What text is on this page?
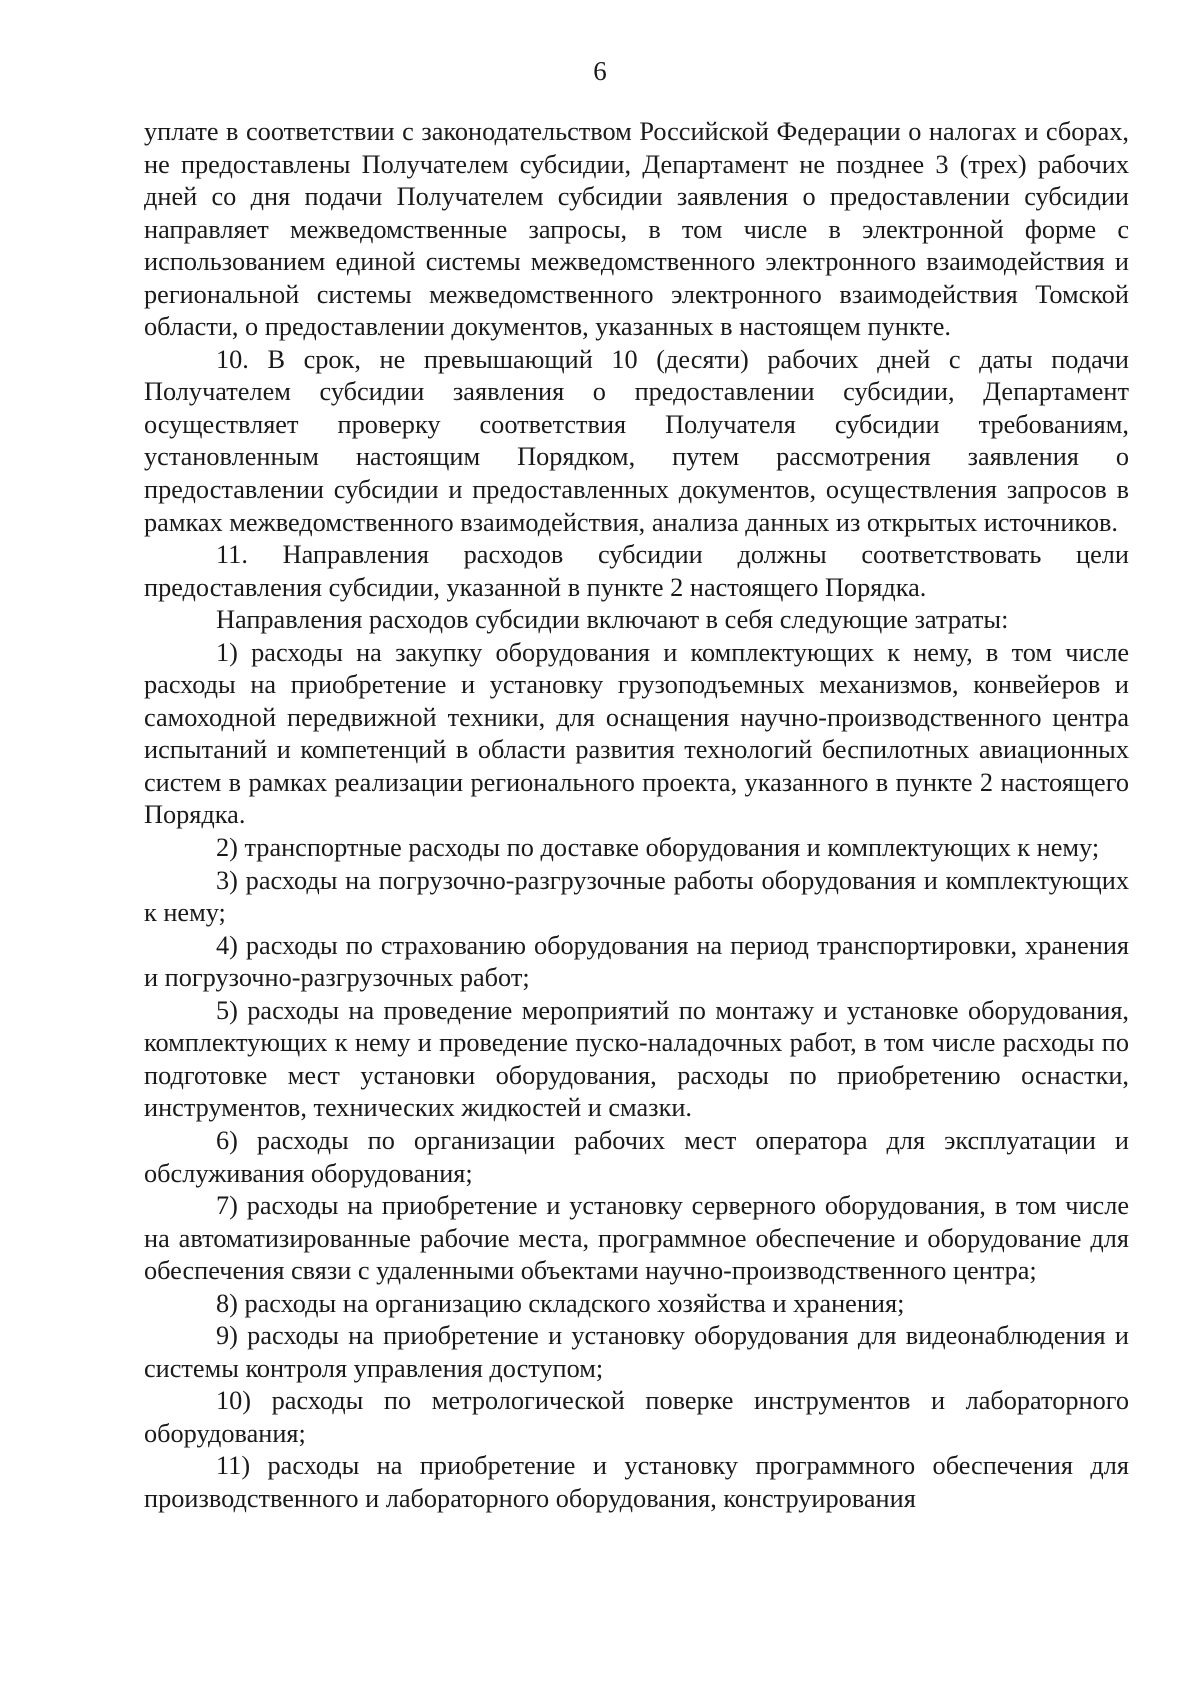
6

уплате в соответствии с законодательством Российской Федерации о налогах и сборах, не предоставлены Получателем субсидии, Департамент не позднее 3 (трех) рабочих дней со дня подачи Получателем субсидии заявления о предоставлении субсидии направляет межведомственные запросы, в том числе в электронной форме с использованием единой системы межведомственного электронного взаимодействия и региональной системы межведомственного электронного взаимодействия Томской области, о предоставлении документов, указанных в настоящем пункте.

10. В срок, не превышающий 10 (десяти) рабочих дней с даты подачи Получателем субсидии заявления о предоставлении субсидии, Департамент осуществляет проверку соответствия Получателя субсидии требованиям, установленным настоящим Порядком, путем рассмотрения заявления о предоставлении субсидии и предоставленных документов, осуществления запросов в рамках межведомственного взаимодействия, анализа данных из открытых источников.

11. Направления расходов субсидии должны соответствовать цели предоставления субсидии, указанной в пункте 2 настоящего Порядка.

Направления расходов субсидии включают в себя следующие затраты:

1) расходы на закупку оборудования и комплектующих к нему, в том числе расходы на приобретение и установку грузоподъемных механизмов, конвейеров и самоходной передвижной техники, для оснащения научно-производственного центра испытаний и компетенций в области развития технологий беспилотных авиационных систем в рамках реализации регионального проекта, указанного в пункте 2 настоящего Порядка.

2) транспортные расходы по доставке оборудования и комплектующих к нему;

3) расходы на погрузочно-разгрузочные работы оборудования и комплектующих к нему;

4) расходы по страхованию оборудования на период транспортировки, хранения и погрузочно-разгрузочных работ;

5) расходы на проведение мероприятий по монтажу и установке оборудования, комплектующих к нему и проведение пуско-наладочных работ, в том числе расходы по подготовке мест установки оборудования, расходы по приобретению оснастки, инструментов, технических жидкостей и смазки.

6) расходы по организации рабочих мест оператора для эксплуатации и обслуживания оборудования;

7) расходы на приобретение и установку серверного оборудования, в том числе на автоматизированные рабочие места, программное обеспечение и оборудование для обеспечения связи с удаленными объектами научно-производственного центра;

8) расходы на организацию складского хозяйства и хранения;

9) расходы на приобретение и установку оборудования для видеонаблюдения и системы контроля управления доступом;

10) расходы по метрологической поверке инструментов и лабораторного оборудования;

11) расходы на приобретение и установку программного обеспечения для производственного и лабораторного оборудования, конструирования
